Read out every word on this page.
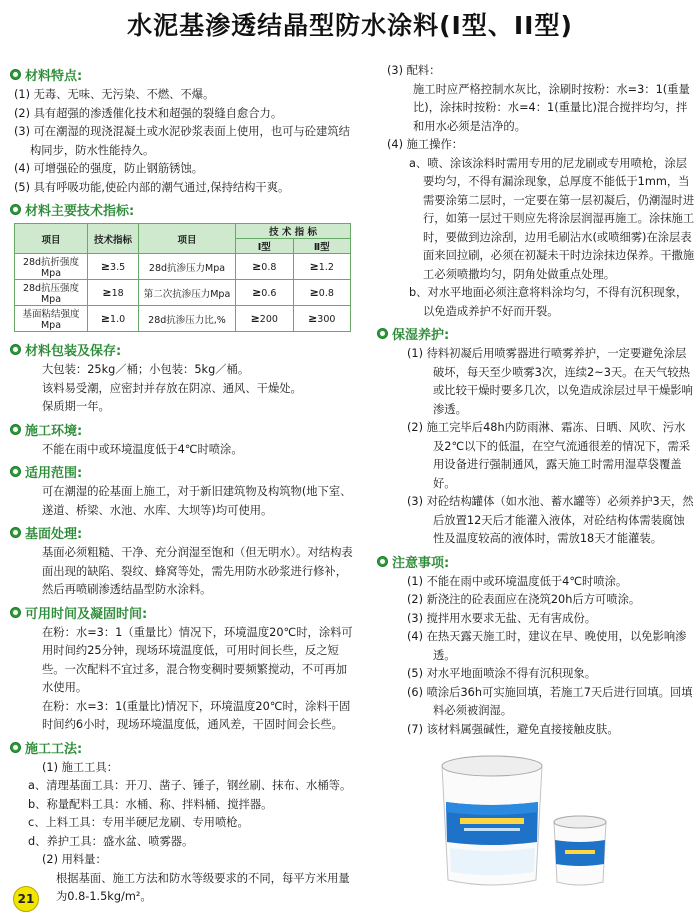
水泥基渗透结晶型防水涂料(Ⅰ型、II型)
材料特点:

(1) 无毒、无味、无污染、不燃、不爆。

(2) 具有超强的渗透催化技术和超强的裂缝自愈合力。

(3) 可在潮湿的现浇混凝土或水泥砂浆表面上使用，也可与砼建筑结构同步，防水性能持久。

(4) 可增强砼的强度，防止钢筋锈蚀。

(5) 具有呼吸功能,使砼内部的潮气通过,保持结构干爽。

材料主要技术指标:
项目	技术指标	项目	技 术 指 标	
			Ⅰ型	Ⅱ型
28d抗折强度Mpa	≥3.5	28d抗渗压力Mpa	≥0.8	≥1.2
28d抗压强度Mpa	≥18	第二次抗渗压力Mpa	≥0.6	≥0.8
基面粘结强度Mpa	≥1.0	28d抗渗压力比,%	≥200	≥300
材料包装及保存:

大包装：25kg／桶；小包装：5kg／桶。

该料易受潮，应密封并存放在阴凉、通风、干燥处。

保质期一年。

施工环境:

不能在雨中或环境温度低于4℃时喷涂。

适用范围:

可在潮湿的砼基面上施工，对于新旧建筑物及构筑物(地下室、遂道、桥梁、水池、水库、大坝等)均可使用。

基面处理:

基面必须粗糙、干净、充分润湿至饱和（但无明水）。对结构表面出现的缺陷、裂纹、蜂窝等处，需先用防水砂浆进行修补，然后再喷刷渗透结晶型防水涂料。

可用时间及凝固时间:

在粉：水=3：1（重量比）情况下，环境温度20℃时，涂料可用时间约25分钟，现场环境温度低，可用时间长些，反之短些。一次配料不宜过多，混合物变稠时要频繁搅动，不可再加水使用。

在粉：水=3：1(重量比)情况下，环境温度20℃时，涂料干固时间约6小时，现场环境温度低，通风差，干固时间会长些。

施工工法:

(1) 施工工具：

a、清理基面工具：开刀、凿子、锤子，钢丝刷、抹布、水桶等。

b、称量配料工具：水桶、称、拌料桶、搅拌器。

c、上料工具：专用半硬尼龙刷、专用喷枪。

d、养护工具：盛水盆、喷雾器。

(2) 用料量：

根据基面、施工方法和防水等级要求的不同，每平方米用量为0.8-1.5kg/m²。

(3) 配料：

施工时应严格控制水灰比，涂刷时按粉：水=3：1(重量比)，涂抹时按粉：水=4：1(重量比)混合搅拌均匀，拌和用水必须是洁净的。

(4) 施工操作：

a、喷、涂该涂料时需用专用的尼龙刷或专用喷枪，涂层要均匀，不得有漏涂现象，总厚度不能低于1mm，当需要涂第二层时，一定要在第一层初凝后，仍潮湿时进行，如第一层过干则应先将涂层润湿再施工。涂抹施工时，要做到边涂刮，边用毛刷沾水(或喷细雾)在涂层表面来回拉刷，必须在初凝未干时边涂抹边保养。干撒施工必须喷撒均匀，阴角处做重点处理。

b、对水平地面必须注意将料涂均匀，不得有沉积现象，以免造成养护不好而开裂。

保湿养护:

(1) 待料初凝后用喷雾器进行喷雾养护，一定要避免涂层破坏，每天至少喷雾3次，连续2~3天。在天气较热或比较干燥时要多几次，以免造成涂层过早干燥影响渗透。

(2) 施工完毕后48h内防雨淋、霜冻、日晒、风吹、污水及2℃以下的低温，在空气流通很差的情况下，需采用设备进行强制通风，露天施工时需用湿草袋覆盖好。

(3) 对砼结构罐体（如水池、蓄水罐等）必须养护3天，然后放置12天后才能灌入液体，对砼结构体需装腐蚀性及温度较高的液体时，需放18天才能灌装。

注意事项:

(1) 不能在雨中或环境温度低于4℃时喷涂。

(2) 新浇注的砼表面应在浇筑20h后方可喷涂。

(3) 搅拌用水要求无盐、无有害成份。

(4) 在热天露天施工时，建议在早、晚使用，以免影响渗透。

(5) 对水平地面喷涂不得有沉积现象。

(6) 喷涂后36h可实施回填，若施工7天后进行回填。回填料必须被润湿。

(7) 该材料属强碱性，避免直接接触皮肤。

21
